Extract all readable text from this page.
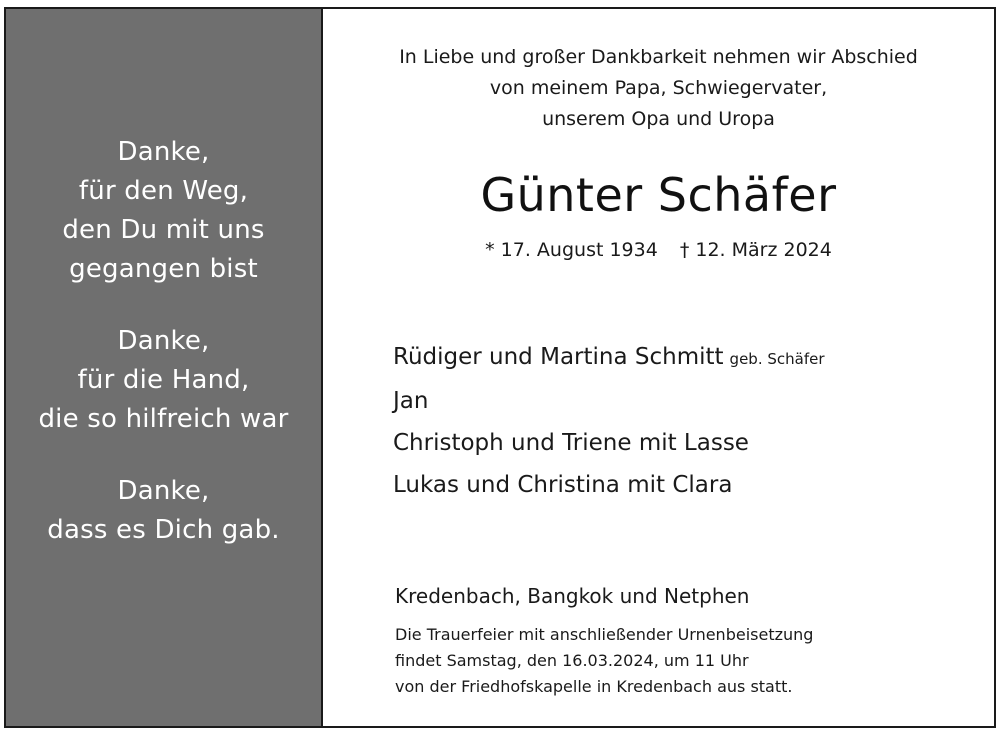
Danke,
für den Weg,
den Du mit uns
gegangen bist
Danke,
für die Hand,
die so hilfreich war
Danke,
dass es Dich gab.
In Liebe und großer Dankbarkeit nehmen wir Abschied
von meinem Papa, Schwiegervater,
unserem Opa und Uropa
Günter Schäfer
* 17. August 1934 † 12. März 2024
Rüdiger und Martina Schmitt geb. Schäfer
Jan
Christoph und Triene mit Lasse
Lukas und Christina mit Clara
Kredenbach, Bangkok und Netphen
Die Trauerfeier mit anschließender Urnenbeisetzung
findet Samstag, den 16.03.2024, um 11 Uhr
von der Friedhofskapelle in Kredenbach aus statt.
